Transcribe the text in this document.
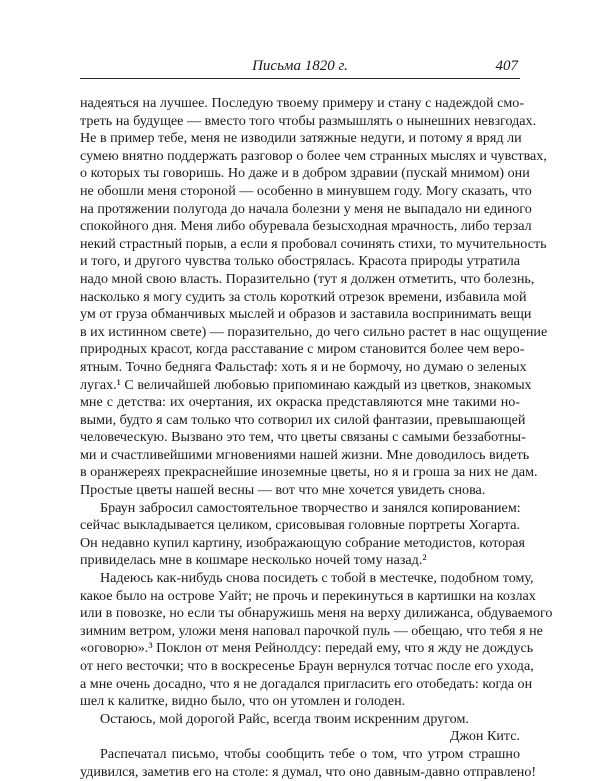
Письма 1820 г.	407

надеяться на лучшее. Последую твоему примеру и стану с надеждой смо-
треть на будущее — вместо того чтобы размышлять о нынешних невзгодах.
Не в пример тебе, меня не изводили затяжные недуги, и потому я вряд ли
сумею внятно поддержать разговор о более чем странных мыслях и чувствах,
о которых ты говоришь. Но даже и в добром здравии (пускай мнимом) они
не обошли меня стороной — особенно в минувшем году. Могу сказать, что
на протяжении полугода до начала болезни у меня не выпадало ни единого
спокойного дня. Меня либо обуревала безысходная мрачность, либо терзал
некий страстный порыв, а если я пробовал сочинять стихи, то мучительность
и того, и другого чувства только обострялась. Красота природы утратила
надо мной свою власть. Поразительно (тут я должен отметить, что болезнь,
насколько я могу судить за столь короткий отрезок времени, избавила мой
ум от груза обманчивых мыслей и образов и заставила воспринимать вещи
в их истинном свете) — поразительно, до чего сильно растет в нас ощущение
природных красот, когда расставание с миром становится более чем веро-
ятным. Точно бедняга Фальстаф: хоть я и не бормочу, но думаю о зеленых
лугах.¹ С величайшей любовью припоминаю каждый из цветков, знакомых
мне с детства: их очертания, их окраска представляются мне такими но-
выми, будто я сам только что сотворил их силой фантазии, превышающей
человеческую. Вызвано это тем, что цветы связаны с самыми беззаботны-
ми и счастливейшими мгновениями нашей жизни. Мне доводилось видеть
в оранжереях прекраснейшие иноземные цветы, но я и гроша за них не дам.
Простые цветы нашей весны — вот что мне хочется увидеть снова.

Браун забросил самостоятельное творчество и занялся копированием:
сейчас выкладывается целиком, срисовывая головные портреты Хогарта.
Он недавно купил картину, изображающую собрание методистов, которая
привиделась мне в кошмаре несколько ночей тому назад.²

Надеюсь как-нибудь снова посидеть с тобой в местечке, подобном тому,
какое было на острове Уайт; не прочь и перекинуться в картишки на козлах
или в повозке, но если ты обнаружишь меня на верху дилижанса, обдуваемого
зимним ветром, уложи меня наповал парочкой пуль — обещаю, что тебя я не
«оговорю».³ Поклон от меня Рейнолдсу: передай ему, что я жду не дождусь
от него весточки; что в воскресенье Браун вернулся тотчас после его ухода,
а мне очень досадно, что я не догадался пригласить его отобедать: когда он
шел к калитке, видно было, что он утомлен и голоден.

Остаюсь, мой дорогой Райс, всегда твоим искренним другом.

Джон Китс.

Распечатал письмо, чтобы сообщить тебе о том, что утром страшно
удивился, заметив его на столе: я думал, что оно давным-давно отправлено!
